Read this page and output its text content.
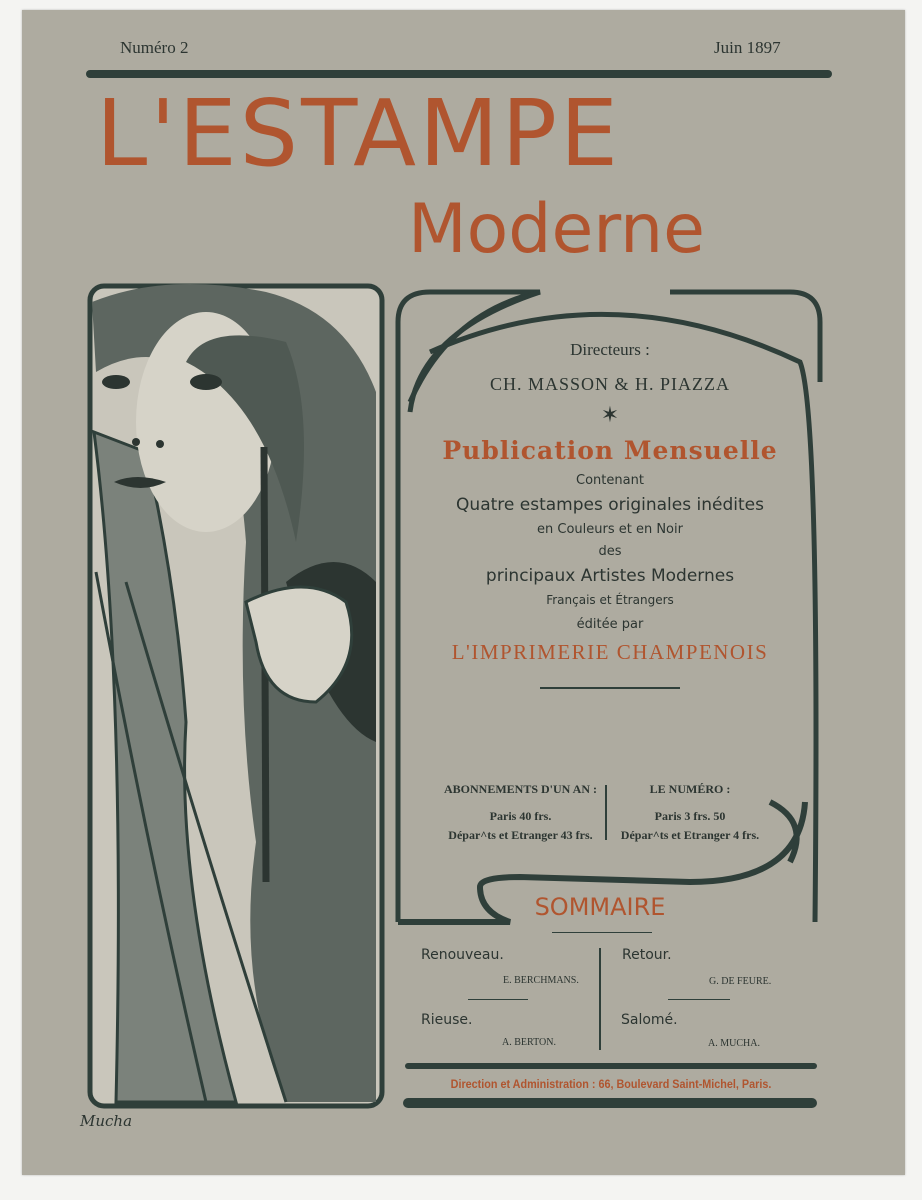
Numéro 2	Juin 1897
L'ESTAMPE
Moderne
Mucha
Directeurs :
CH. MASSON & H. PIAZZA
✶
Publication Mensuelle
Contenant
Quatre estampes originales inédites
en Couleurs et en Noir
des
principaux Artistes Modernes
Français et Étrangers
éditée par
L'IMPRIMERIE CHAMPENOIS
ABONNEMENTS D'UN AN :
Paris 40 frs.
Dépar^ts et Etranger 43 frs.
LE NUMÉRO :
Paris 3 frs. 50
Dépar^ts et Etranger 4 frs.
SOMMAIRE
Renouveau.
E. BERCHMANS.
Rieuse.
A. BERTON.
Retour.
G. DE FEURE.
Salomé.
A. MUCHA.
Direction et Administration : 66, Boulevard Saint-Michel, Paris.
